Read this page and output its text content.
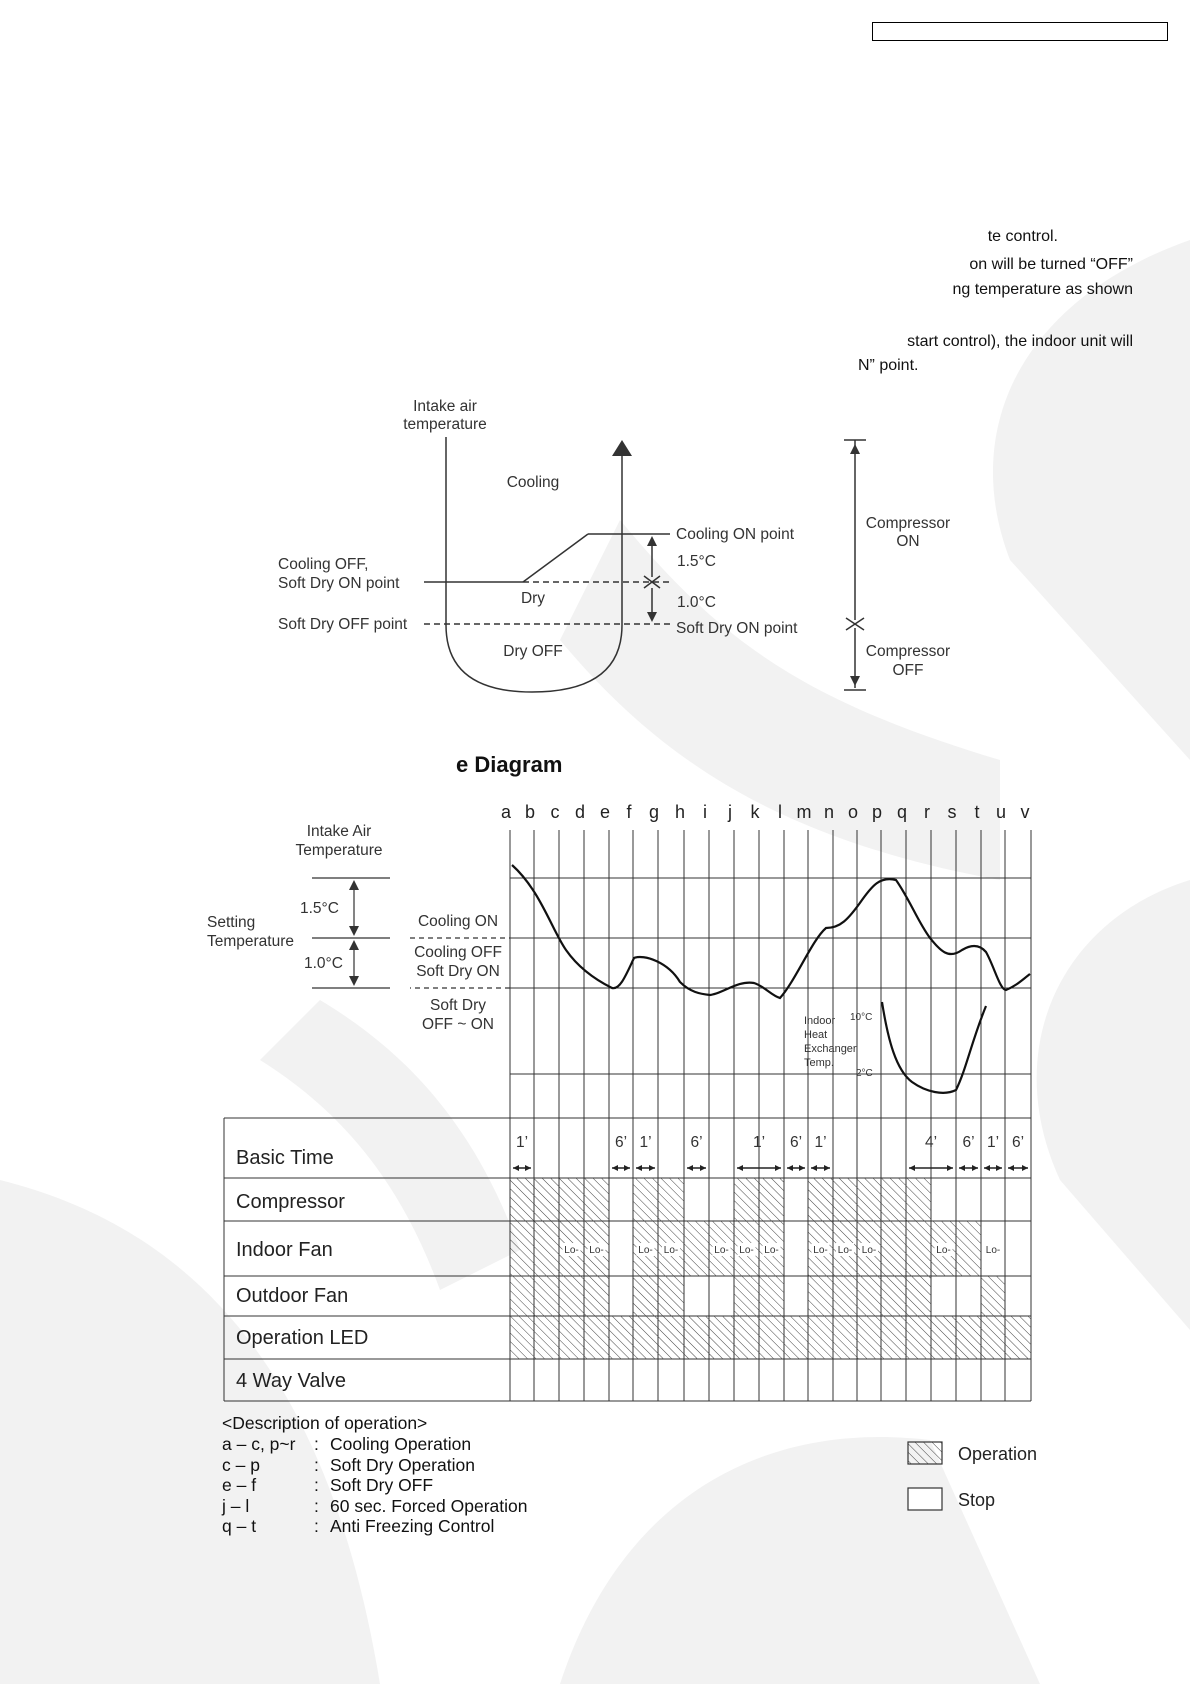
te control.
on will be turned “OFF”
ng temperature as shown
start control), the indoor unit will
N” point.
Intake air
temperature
Cooling
Dry
Dry OFF
Cooling ON point
1.5°C
1.0°C
Soft Dry ON point
Cooling OFF,
Soft Dry ON point
Soft Dry OFF point
Compressor
ON
Compressor
OFF
e Diagram
a b c d e f g h i j k l m n o p q r s t u v
Lo- Lo-	Lo- Lo-	Lo- Lo- Lo-	Lo- Lo- Lo-	Lo-	Lo-
1’	6’ 1’	6’	1’ 6’ 1’	4’ 6’ 1’ 6’
Intake Air
Temperature
Setting
Temperature
1.5°C
1.0°C
Cooling ON
Cooling OFF
Soft Dry ON
Soft Dry
OFF ~ ON	Indoor
Heat
Exchanger
Temp.
10°C
2°C
Basic Time
Compressor
Indoor Fan
Outdoor Fan
Operation LED
4 Way Valve
<Description of operation>
a – c, p~r : Cooling Operation
c – p	: Soft Dry Operation
e – f	: Soft Dry OFF
j – l	: 60 sec. Forced Operation
q – t	: Anti Freezing Control
Operation
Stop
